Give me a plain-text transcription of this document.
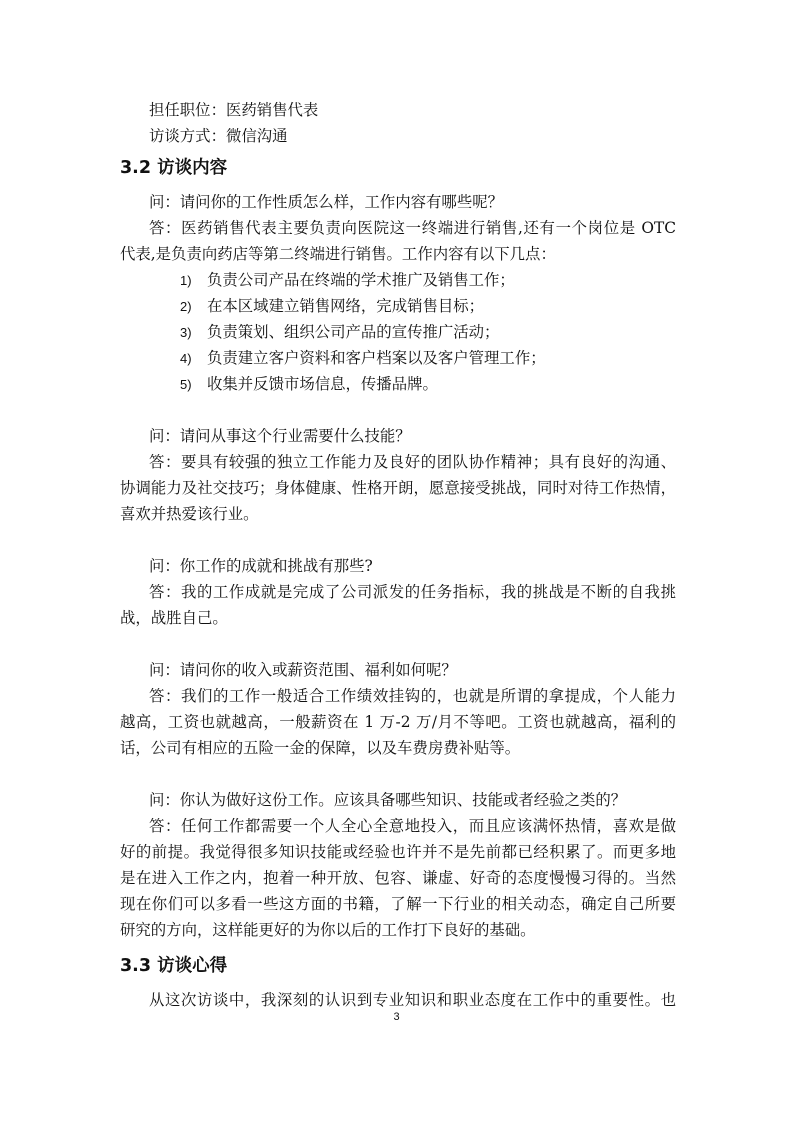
担任职位：医药销售代表

访谈方式：微信沟通

3.2 访谈内容

问：请问你的工作性质怎么样，工作内容有哪些呢？

答：医药销售代表主要负责向医院这一终端进行销售,还有一个岗位是 OTC

代表,是负责向药店等第二终端进行销售。工作内容有以下几点：

1) 负责公司产品在终端的学术推广及销售工作；
2) 在本区域建立销售网络，完成销售目标；
3) 负责策划、组织公司产品的宣传推广活动；
4) 负责建立客户资料和客户档案以及客户管理工作；
5) 收集并反馈市场信息，传播品牌。

问：请问从事这个行业需要什么技能？

答：要具有较强的独立工作能力及良好的团队协作精神；具有良好的沟通、

协调能力及社交技巧；身体健康、性格开朗，愿意接受挑战，同时对待工作热情，

喜欢并热爱该行业。

问：你工作的成就和挑战有那些?

答：我的工作成就是完成了公司派发的任务指标，我的挑战是不断的自我挑

战，战胜自己。

问：请问你的收入或薪资范围、福利如何呢？

答：我们的工作一般适合工作绩效挂钩的，也就是所谓的拿提成，个人能力

越高，工资也就越高，一般薪资在 1 万-2 万/月不等吧。工资也就越高，福利的

话，公司有相应的五险一金的保障，以及车费房费补贴等。

问：你认为做好这份工作。应该具备哪些知识、技能或者经验之类的？

答：任何工作都需要一个人全心全意地投入，而且应该满怀热情，喜欢是做

好的前提。我觉得很多知识技能或经验也许并不是先前都已经积累了。而更多地

是在进入工作之内，抱着一种开放、包容、谦虚、好奇的态度慢慢习得的。当然

现在你们可以多看一些这方面的书籍，了解一下行业的相关动态，确定自己所要

研究的方向，这样能更好的为你以后的工作打下良好的基础。

3.3 访谈心得

从这次访谈中，我深刻的认识到专业知识和职业态度在工作中的重要性。也

3
